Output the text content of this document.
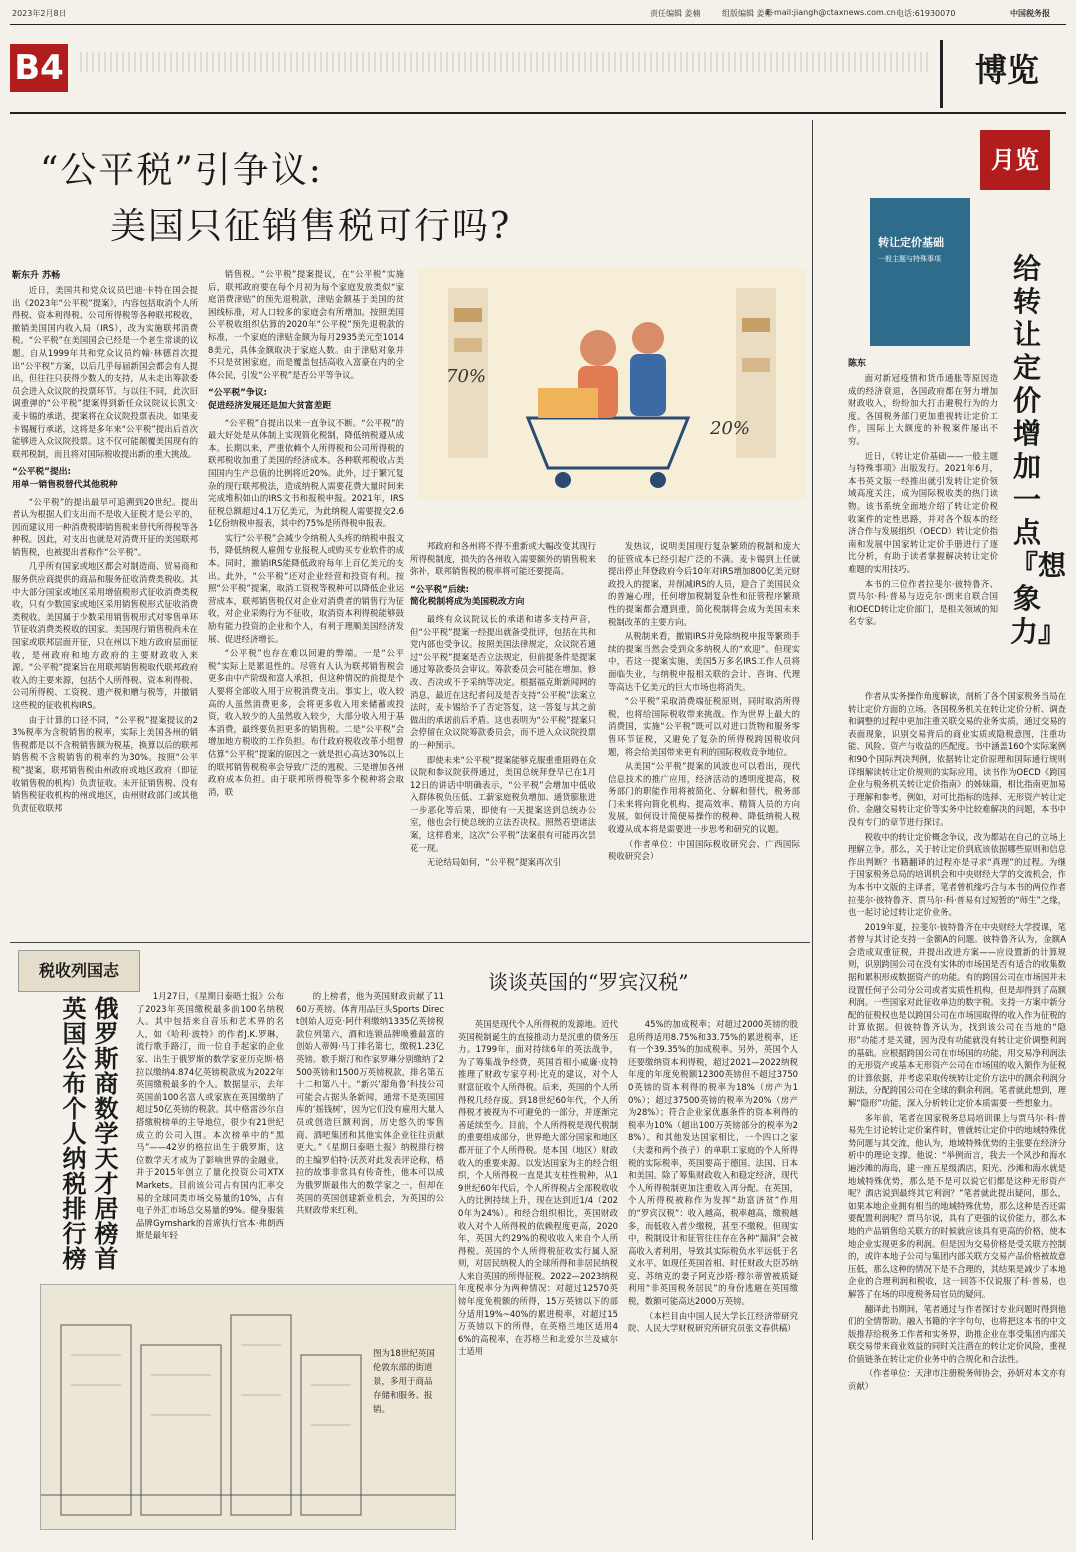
2023年2月8日	责任编辑 姜楠	组版编辑 姜彬
E-mail:jiangh@ctaxnews.com.cn 电话:61930070	中国税务报
B4	博览
“公平税”引争议:
美国只征销售税可行吗?
靳东升 苏畅
70%
20%

近日，美国共和党众议员巴迪·卡特在国会提出《2023年“公平税”提案》，内容包括取消个人所得税、资本利得税、公司所得税等各种联邦税收，撤销美国国内收入局（IRS），改为实施联邦消费税。“公平税”在美国国会已经是一个老生常谈的议题。自从1999年共和党众议员约翰·林德首次提出“公平税”方案，以后几乎每届新国会都会有人提出，但往往只获得少数人的支持，从未走出筹款委员会进入众议院的投票环节。与以往不同，此次旧调重弹的“公平税”提案得到新任众议院议长凯文·麦卡锡的承诺，提案将在众议院投票表决。如果麦卡锡履行承诺，这将是多年来“公平税”提出后首次能够进入众议院投票。这不仅可能颠覆美国现有的联邦税制，而且将对国际税收提出新的重大挑战。

“公平税”提出:
用单一销售税替代其他税种

“公平税”的提出最早可追溯到20世纪。提出者认为根据人们支出而不是收入征税才是公平的，因而建议用一种消费税即销售税来替代所得税等各种税。因此，对支出也就是对消费开征的美国联邦销售税，也被提出者称作“公平税”。

几乎所有国家或地区都会对制造商、贸易商和服务供应商提供的商品和服务征收消费类税收。其中大部分国家或地区采用增值税形式征收消费类税收，只有少数国家或地区采用销售税形式征收消费类税收。美国属于少数采用销售税形式对零售单环节征收消费类税收的国家。美国现行销售税尚未在国家或联邦层面开征，只在州以下地方政府层面征收，是州政府和地方政府的主要财政收入来源。“公平税”提案旨在用联邦销售税取代联邦政府收入的主要来源，包括个人所得税、资本利得税、公司所得税、工资税、遗产税和赠与税等，并撤销这些税的征收机构IRS。

由于计算的口径不同，“公平税”提案提议的23%税率为含税销售的税率，实际上美国各州的销售税都是以不含税销售额为税基，换算以后的联邦销售税不含税销售的税率约为30%。按照“公平税”提案，联邦销售税由州政府或地区政府（即征收销售税的机构）负责征收。未开征销售税、没有销售税征收机构的州或地区，由州财政部门或其他负责征收联邦

销售税。“公平税”提案提议，在“公平税”实施后，联邦政府要在每个月初为每个家庭发放类似“家庭消费津贴”的预先退税款，津贴金额基于美国的贫困线标准，对人口较多的家庭会有所增加。按照美国公平税收组织估算的2020年“公平税”预先退税款的标准，一个家庭的津贴金额为每月2935美元至10148美元，具体金额取决于家庭人数。由于津贴对象并不只是贫困家庭，而是覆盖包括高收入富豪在内的全体公民，引发“公平税”是否公平等争议。

“公平税”争议:
促进经济发展还是加大贫富差距

“公平税”自提出以来一直争议不断。“公平税”的最大好处是从体制上实现简化税制，降低纳税遵从成本。长期以来，严重依赖个人所得税和公司所得税的联邦税收加重了美国的经济成本。各种联邦税收占美国国内生产总值的比例将近20%。此外，过于繁冗复杂的现行联邦税法，造成纳税人需要花费大量时间来完成堆积如山的IRS文书和报税申报。2021年，IRS征税总额超过4.1万亿美元，为此纳税人需要提交2.61亿份纳税申报表，其中约75%是所得税申报表。

实行“公平税”会减少令纳税人头疼的纳税申报文书，降低纳税人雇佣专业报税人或购买专业软件的成本。同时，撤销IRS能降低政府每年上百亿美元的支出。此外，“公平税”还对企业经营和投资有利。按照“公平税”提案，取消工资税等税种可以降低企业运营成本，联邦销售税仅对企业对消费者的销售行为征收，对企业采购行为不征收，取消资本利得税能够鼓励有能力投资的企业和个人，有利于理顺美国经济发展、促进经济增长。

“公平税”也存在难以回避的弊端。一是“公平税”实际上是累退性的。尽管有人认为联邦销售税会更多由中产阶级和富人承担，但这种情况的前提是个人要将全部收入用于应税消费支出。事实上，收入较高的人虽然消费更多，会将更多收入用来储蓄或投资，收入较少的人虽然收入较少，大部分收入用于基本消费，最终要负担更多的销售税。二是“公平税”会增加地方税收的工作负担。布什政府税收改革小组曾估算“公平税”提案的原因之一就是担心高达30%以上的联邦销售税税率会导致广泛的逃税。三是增加各州政府成本负担。由于联邦所得税等多个税种将会取消，联

邦政府和各州将不得不重新或大幅改变其现行所得税制度，损失的各州收入需要额外的销售税来弥补，联邦销售税的税率将可能还要提高。

“公平税”后续:
简化税制将成为美国税改方向

最终有众议院议长的承诺和诸多支持声音，但“公平税”提案一经提出就备受批评，包括在共和党内部也受争议。按照美国法律规定，众议院若通过“公平税”提案是否立法规定，但前提条件是提案通过筹款委员会审议。筹款委员会可能在增加、修改、否决或不予采纳等决定。根据福克斯新闻网的消息，最近在这纪者问及是否支持“公平税”法案立法时，麦卡锡给予了否定答复，这一答复与其之前做出的承诺前后矛盾。这也表明为“公平税”提案只会停留在众议院筹款委员会，而不进入众议院投票的一种预示。

即使未来“公平税”提案能够克服重重阻碍在众议院和参议院获得通过，美国总统拜登早已在1月12日的讲话中明确表示，“公平税”会增加中低收入群体税负压低、工薪家庭税负增加、通货膨胀进一步恶化等后果，即使有一天提案送到总统办公室，他也会行使总统的立法否决权。照然若望诸法案，这样看来，这次“公平税”法案很有可能再次昙花一现。

无论结局如何，“公平税”提案再次引

发热议，说明美国现行复杂繁琐的税制和庞大的征管成本已经引起广泛的不满。麦卡锡到上任就提出停止拜登政府今后10年对IRS增加800亿美元财政投入的提案，并削减IRS的人员，迎合了美国民众的普遍心理，任何增加税制复杂性和征管程序繁琐性的提案都会遭到重，简化税制将会成为美国未来税制改革的主要方向。

从税制来看，撤销IRS并免除纳税申报等繁琐手续的提案当然会受到众多纳税人的“欢迎”。但现实中，若这一提案实施，美国5万多名IRS工作人员将面临失业，与纳税申报相关联的会计、咨询、代理等高达千亿美元的巨大市场也将消失。

“公平税”采取消费端征税原则，同时取消所得税，也将给国际税收带来挑战。作为世界上最大的消费国，实施“公平税”既可以对进口货物和服务零售环节征税，又避免了复杂的所得税跨国税收问题，将会给美国带来更有利的国际税收竞争地位。

从美国“公平税”提案的风波也可以看出，现代信息技术的推广应用，经济活动的透明度提高，税务部门的职能作用将被简化、分解和替代，税务部门未来将向简化机构、提高效率、精简人员的方向发展，如何设计简便易操作的税种、降低纳税人税收遵从成本将是需要进一步思考和研究的议题。

（作者单位：中国国际税收研究会、广西国际税收研究会）

月览
转让定价基础
一般主题与特殊事项	给转让定价增加一点『想象力』
陈东

面对新冠疫情和货币通胀等原因造成的经济衰退，各国政府都在努力增加财政收入，纷纷加大打击避税行为的力度。各国税务部门更加重视转让定价工作，国际上大额度的补税案件屡出不穷。

近日，《转让定价基础——一般主题与特殊事项》出版发行。2021年6月，本书英文版一经推出就引发转让定价领域高度关注，成为国际税收类的热门读物。该书系统全面地介绍了转让定价税收案件的定性思路，并对各个版本的经济合作与发展组织（OECD）转让定价指南和发展中国家转让定价手册进行了逐比分析，有助于读者掌握解决转让定价难题的实用技巧。

本书的三位作者拉斐尔·彼特鲁齐、贾马尔·科·普易与迈克尔·朗来自联合国和OECD转让定价部门，是相关领域的知名专家。

作者从实务操作角度解读，剖析了各个国家税务当局在转让定价方面的立场。各国税务机关在转让定价分析、调查和调整的过程中更加注重关联交易的业务实质，通过交易的表面现象，识别交易背后的商业实质或隐税意图，注重功能、风险、资产与收益的匹配度。书中涵盖160个实际案例和90个国际判决判例，依据转让定价原理和国际通行规则详细解读转让定价规则的实际应用。读书作为OECD《跨国企业与税务机关转让定价指南》的姊妹篇，相比指南更加易于理解和参考。例如，对可比指标的选择、无形资产转让定价、金融交易转让定价等实务中比较难解决的问题，本书中没有专门的章节进行探讨。

税收中的转让定价概念争议，改为都站在自己的立场上理解立争。那么，关于转让定价到底该依据哪些原则和信息作出判断？书籍翻译的过程亦是寻求“真理”的过程。为继于国家税务总局的培训机会和中央财经大学的交流机会，作为本书中文版的主译者，笔者曾机缘巧合与本书的两位作者拉斐尔·彼特鲁齐、贾马尔·科·普易有过短暂的“师生”之缘，也一起讨论过转让定价业务。

2019年夏，拉斐尔·彼特鲁齐在中央财经大学授课，笔者曾与其讨论支持一金额A的问题。彼特鲁齐认为，金额A会造成双重征税，并提出改进方案——应设置新的计算规则，识别跨国公司在没有实体的市场国是否有适合的收集数据和累积形成数据资产的功能。有的跨国公司在市场国并未设置任何子公司分公司或者实质性机构，但是却得到了高额利润。一些国家对此征收单边的数字税。支持一方案中新分配的征税权也是以跨国公司在市场国取得的收入作为征税的计算依据。但彼特鲁齐认为，找到该公司在当地的“隐形”功能才是关键，因为没有功能就没有转让定价调整利润的基础。应根据跨国公司在市场国的功能，用交易净利润法的无形资产或基本无形资产公司在市场国的收入额作为征税的计算依据，并考虑采取传统转让定价方法中的测余利润分割法，分配跨国公司在全球的剩余利润。笔者就此想到，理解“隐形”功能，深入分析转让定价本质需要一些想象力。

多年前，笔者在国家税务总局培训课上与贾马尔·科·普易先生讨论转让定价案件时，曾就转让定价中的地域特殊优势问题与其交流，他认为，地域特殊优势的主张要在经济分析中的理论支撑。他说：“举例而言，我去一个风沙和海水遍沙滩的海岛，建一座五星级酒店，阳光、沙滩和海水就是地域特殊优势，那么是不是可以说它们都是这种无形资产呢？酒店说到最终其它利润？”笔者就此提出疑问，那么，如果本地企业拥有相当的地域特殊优势，那么这种是否还需要配置利润呢？贾马尔说，具有了更强的议价能力，那么本地的产品销售给关联方的时候就应该具有更高的价格，使本地企业实现更多的利润。但是因为交易价格是受关联方控制的，或许本地子公司与集团内部关联方交易产品价格被故意压低，那么这种的情况下是不合理的，其结果是减少了本地企业的合理利润和税收，这一回答不仅说服了科·普易，也解答了在场的印度税务局官员的疑问。

翻译此书期间，笔者通过与作者探讨专业问题时得到他们的全情帮助。融入书籍的字字句句，也将把这本书的中文版推荐给税务工作者和实务界，助推企业在事受集团内部关联交易带来商业效益的同时关注潜在的转让定价风险，重视价值链条在转让定价业务中的合规化和合法性。

（作者单位：天津市注册税务师协会，孙妍对本文亦有贡献）

税收列国志
俄罗斯商数学天才居榜首 英国公布个人纳税排行榜	1月27日，《星期日泰晤士报》公布了2023年英国缴税最多前100名纳税人。其中包括来自音乐和艺术界的名人，如《哈利·波特》的作者J.K.罗琳，流行歌手路汀，而一位自手起家的企业家、出生于俄罗斯的数学家亚历克斯·格拉以缴纳4.874亿英镑税款成为2022年英国缴税最多的个人。数据显示，去年英国前100名富人或家族在英国缴纳了超过50亿英镑的税款。其中格雷沙尔自搭缴税榜单的主导地位，很少有21世纪成立的公司入围。本次榜单中的“黑马”——42岁的格拉出生于俄罗斯，这位数学天才成为了影响世界的金融业，并于2015年创立了量化投资公司XTX Markets。目前该公司占有国内汇率交易的全球同类市场交易量的10%，占有电子外汇市场总交易量的9%。健身服装品牌Gymshark的首席执行官本·弗朗西斯是最年轻

的上榜者，他为英国财政贡献了1160万英镑。体育用品巨头Sports Direct创始人迈克·阿什利缴纳1335亿英镑税款位列第六，酒和连锁品牌唤雅最富的创始人蒂姆·马丁排名第七，缴税1.23亿英镑。歌手斯汀和作家罗琳分别缴纳了2500英镑和1500万英镑税款，排名第五十二和第八十。“新兴‘甜角鲁’科技公司可能会占据头条新闻，通常不是英国国库的‘摇钱树’，因为它们没有雇用大量人员或创造巨额利润，历史悠久的零售商、酒吧集团和其他实体企业往往贡献更大。”《星期日泰晤士报》纳税排行榜的主编罗伯特·沃茨对此发表评论称，格拉的故事非常具有传奇性，他本可以成为俄罗斯最伟大的数学家之一，但却在英国的英国创建新业机会，为英国的公共财政带来红利。

图为18世纪英国伦敦东部的街道景，多用于商品存储和服务、报销。
谈谈英国的“罗宾汉税”

英国是现代个人所得税的发源地。近代英国税制诞生的直接推动力是沉重的债务压力。1799年，面对持续6年的英法战争，为了筹集战争经费，英国首相小威廉·皮特推理了财政专家亨利·比克的建议，对个人财富征收个人所得税。后来，英国的个人所得税几经存废。到18世纪60年代，个人所得税才被视为不可避免的一部分，并逐渐完善延续至今。目前，个人所得税是现代税制的重要组成部分，世界绝大部分国家和地区都开征了个人所得税。是本国（地区）财政收入的重要来源。以发达国家为主的经合组织，个人所得税一直是其支柱性税种，从19世纪60年代后，个人所得税占全部税收收入的比例持续上升，现在达到近1/4（2020年为24%）。和经合组织相比，英国财政收入对个人所得税的依赖程度更高，2020年，英国大约29%的税收收入来自个人所得税。英国的个人所得税征收实行属人原则，对居民纳税人的全球所得和非居民纳税人来自英国的所得征税。2022—2023纳税年度税率分为两种情况：对超过12570英镑年度免税额的所得，15万英镑以下的部分适用19%~40%的累进税率，对超过15万英镑以下的所得，在英格兰地区适用46%的高税率，在苏格兰和北爱尔兰及威尔士适用

45%的加成税率；对超过2000英镑的股息所得适用8.75%和33.75%的累进税率，还有一个39.35%的加成税率。另外，英国个人还要缴纳资本利得税，超过2021—2022纳税年度的年度免税额12300英镑但不超过37500英镑的资本利得的税率为18%（房产为10%）；超过37500英镑的税率为20%（房产为28%）；符合企业家优惠条件的资本利得的税率为10%（超出100万英镑部分的税率为28%）。和其他发达国家相比，一个四口之家（夫妻和两个孩子）的单职工家庭的个人所得税的实际税率，英国要高于德国、法国、日本和美国。除了筹集财政收入和稳定经济，现代个人所得税制更加注重收入再分配。在英国，个人所得税被称作为发挥“劫富济贫”作用的“罗宾汉税”：收入越高，税率越高，缴税越多，而低收入者少缴税，甚至不缴税。但现实中，税制设计和征管往往存在各种“漏洞”会被高收入者利用，导致其实际税负水平远低于名义水平。如现任英国首相、时任财政大臣苏纳克、苏纳克的妻子阿克沙塔·穆尔蒂曾被质疑利用“非英国税务居民”的身份逃避在英国缴税，数额可能高达2000万英镑。

（本栏目由中国人民大学长江经济带研究院、人民大学财税研究所研究员张文春供稿）
